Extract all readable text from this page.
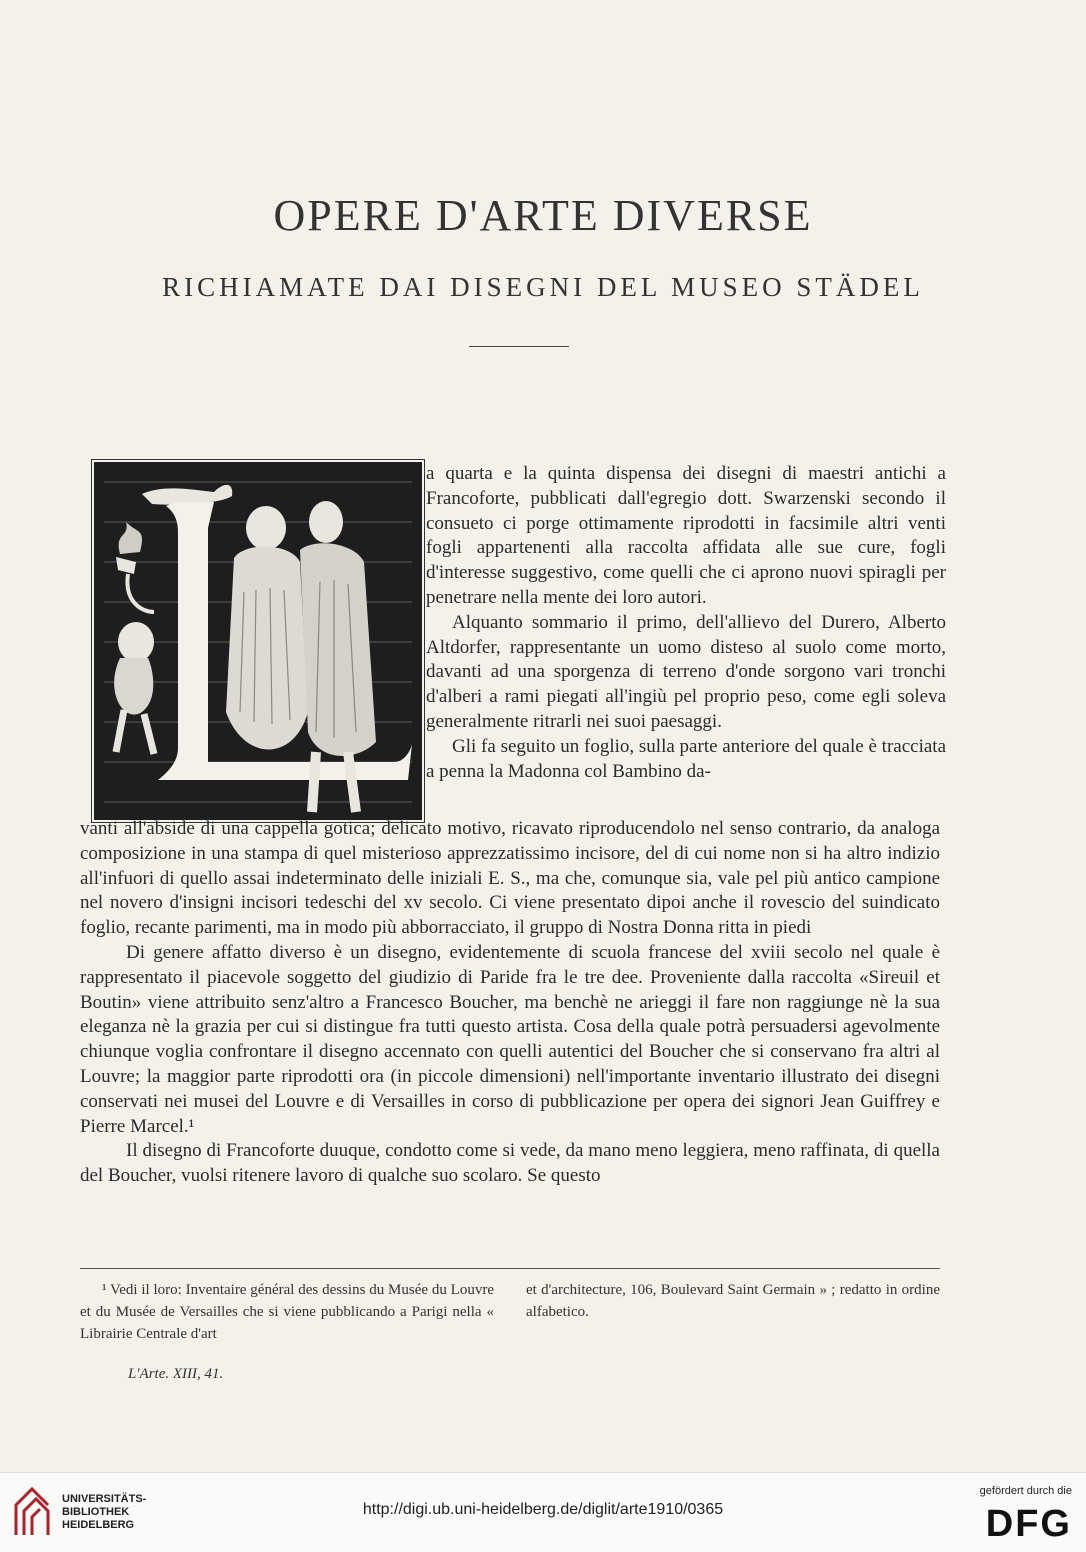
OPERE D'ARTE DIVERSE
RICHIAMATE DAI DISEGNI DEL MUSEO STÄDEL

a quarta e la quinta dispensa dei disegni di maestri antichi a Francoforte, pubblicati dall'egregio dott. Swarzenski secondo il consueto ci porge ottimamente riprodotti in facsimile altri venti fogli appartenenti alla raccolta affidata alle sue cure, fogli d'interesse suggestivo, come quelli che ci aprono nuovi spiragli per penetrare nella mente dei loro autori.

Alquanto sommario il primo, dell'allievo del Durero, Alberto Altdorfer, rappresentante un uomo disteso al suolo come morto, davanti ad una sporgenza di terreno d'onde sorgono vari tronchi d'alberi a rami piegati all'ingiù pel proprio peso, come egli soleva generalmente ritrarli nei suoi paesaggi.

Gli fa seguito un foglio, sulla parte anteriore del quale è tracciata a penna la Madonna col Bambino da-

vanti all'abside di una cappella gotica; delicato motivo, ricavato riproducendolo nel senso contrario, da analoga composizione in una stampa di quel misterioso apprezzatissimo incisore, del di cui nome non si ha altro indizio all'infuori di quello assai indeterminato delle iniziali E. S., ma che, comunque sia, vale pel più antico campione nel novero d'insigni incisori tedeschi del xv secolo. Ci viene presentato dipoi anche il rovescio del suindicato foglio, recante parimenti, ma in modo più abborracciato, il gruppo di Nostra Donna ritta in piedi

Di genere affatto diverso è un disegno, evidentemente di scuola francese del xviii secolo nel quale è rappresentato il piacevole soggetto del giudizio di Paride fra le tre dee. Proveniente dalla raccolta «Sireuil et Boutin» viene attribuito senz'altro a Francesco Boucher, ma benchè ne arieggi il fare non raggiunge nè la sua eleganza nè la grazia per cui si distingue fra tutti questo artista. Cosa della quale potrà persuadersi agevolmente chiunque voglia confrontare il disegno accennato con quelli autentici del Boucher che si conservano fra altri al Louvre; la maggior parte riprodotti ora (in piccole dimensioni) nell'importante inventario illustrato dei disegni conservati nei musei del Louvre e di Versailles in corso di pubblicazione per opera dei signori Jean Guiffrey e Pierre Marcel.¹

Il disegno di Francoforte duuque, condotto come si vede, da mano meno leggiera, meno raffinata, di quella del Boucher, vuolsi ritenere lavoro di qualche suo scolaro. Se questo

¹ Vedi il loro: Inventaire général des dessins du Musée du Louvre et du Musée de Versailles che si viene pubblicando a Parigi nella « Librairie Centrale d'art
et d'architecture, 106, Boulevard Saint Germain » ; redatto in ordine alfabetico.
L'Arte. XIII, 41.
UNIVERSITÄTS-
BIBLIOTHEK
HEIDELBERG
http://digi.ub.uni-heidelberg.de/diglit/arte1910/0365
gefördert durch die
DFG
